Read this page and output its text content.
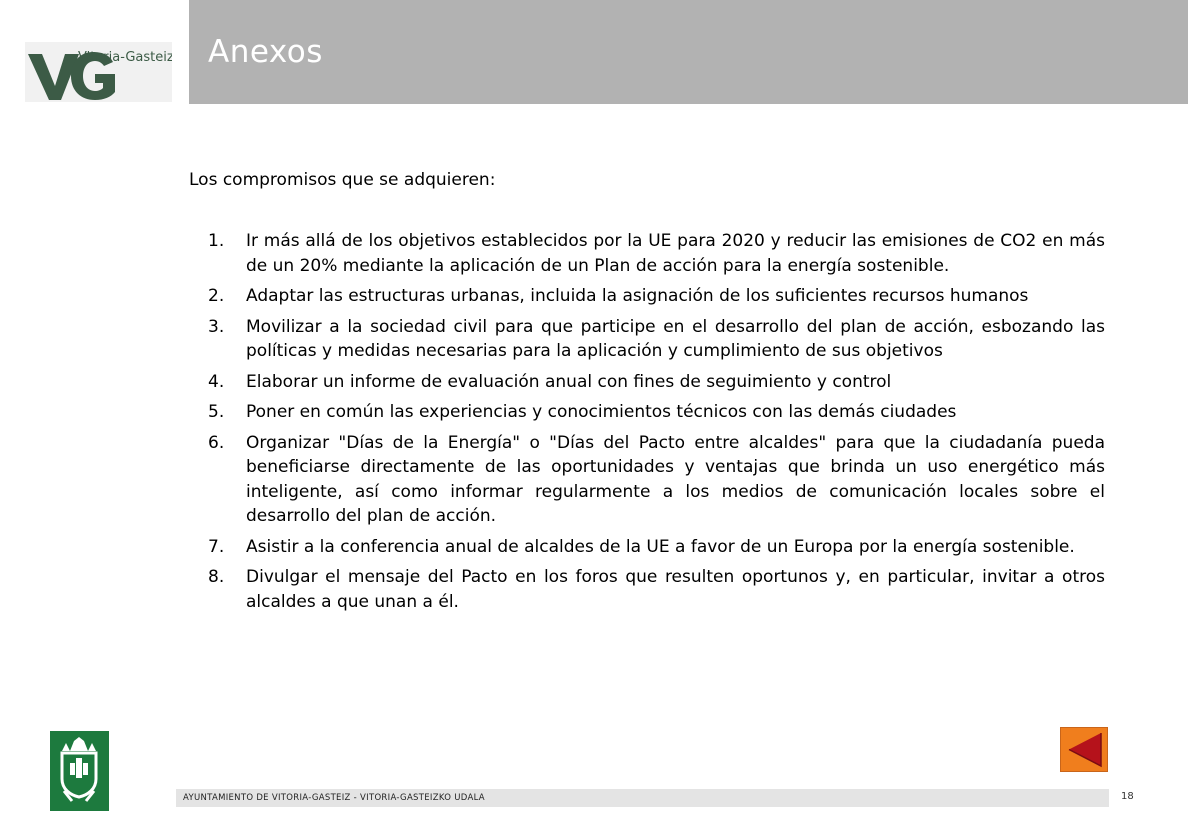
Vitoria-Gasteiz Anexos
Los compromisos que se adquieren:
1.	Ir más allá de los objetivos establecidos por la UE para 2020 y reducir las emisiones de CO2 en más de un 20% mediante la aplicación de un Plan de acción para la energía sostenible.
2.	Adaptar las estructuras urbanas, incluida la asignación de los suficientes recursos humanos
3.	Movilizar a la sociedad civil para que participe en el desarrollo del plan de acción, esbozando las políticas y medidas necesarias para la aplicación y cumplimiento de sus objetivos
4.	Elaborar un informe de evaluación anual con fines de seguimiento y control
5.	Poner en común las experiencias y conocimientos técnicos con las demás ciudades
6.	Organizar "Días de la Energía" o "Días del Pacto entre alcaldes" para que la ciudadanía pueda beneficiarse directamente de las oportunidades y ventajas que brinda un uso energético más inteligente, así como informar regularmente a los medios de comunicación locales sobre el desarrollo del plan de acción.
7.	Asistir a la conferencia anual de alcaldes de la UE a favor de un Europa por la energía sostenible.
8.	Divulgar el mensaje del Pacto en los foros que resulten oportunos y, en particular, invitar a otros alcaldes a que unan a él.
AYUNTAMIENTO DE VITORIA-GASTEIZ - VITORIA-GASTEIZKO UDALA	18
